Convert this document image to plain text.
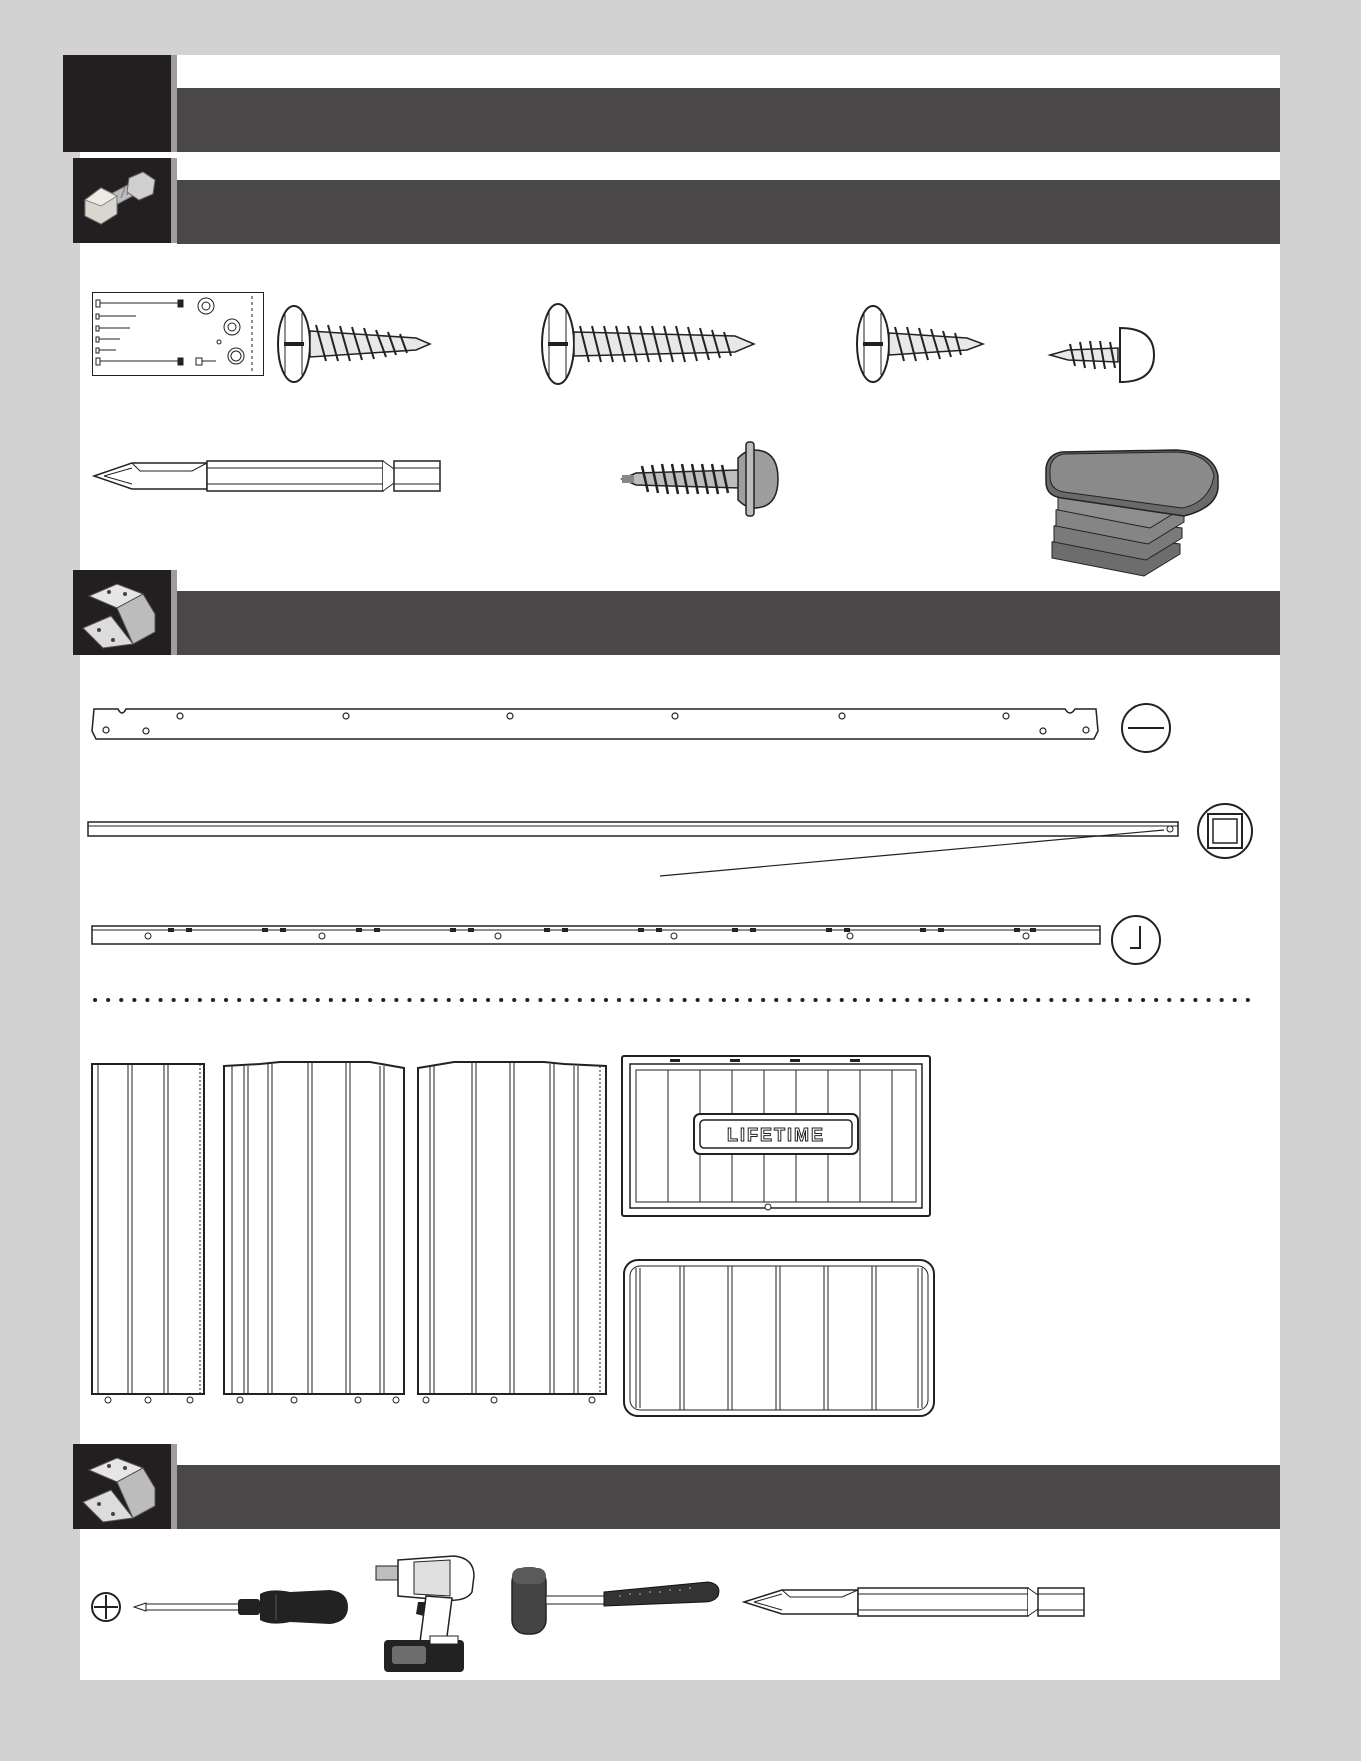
LIFETIME
